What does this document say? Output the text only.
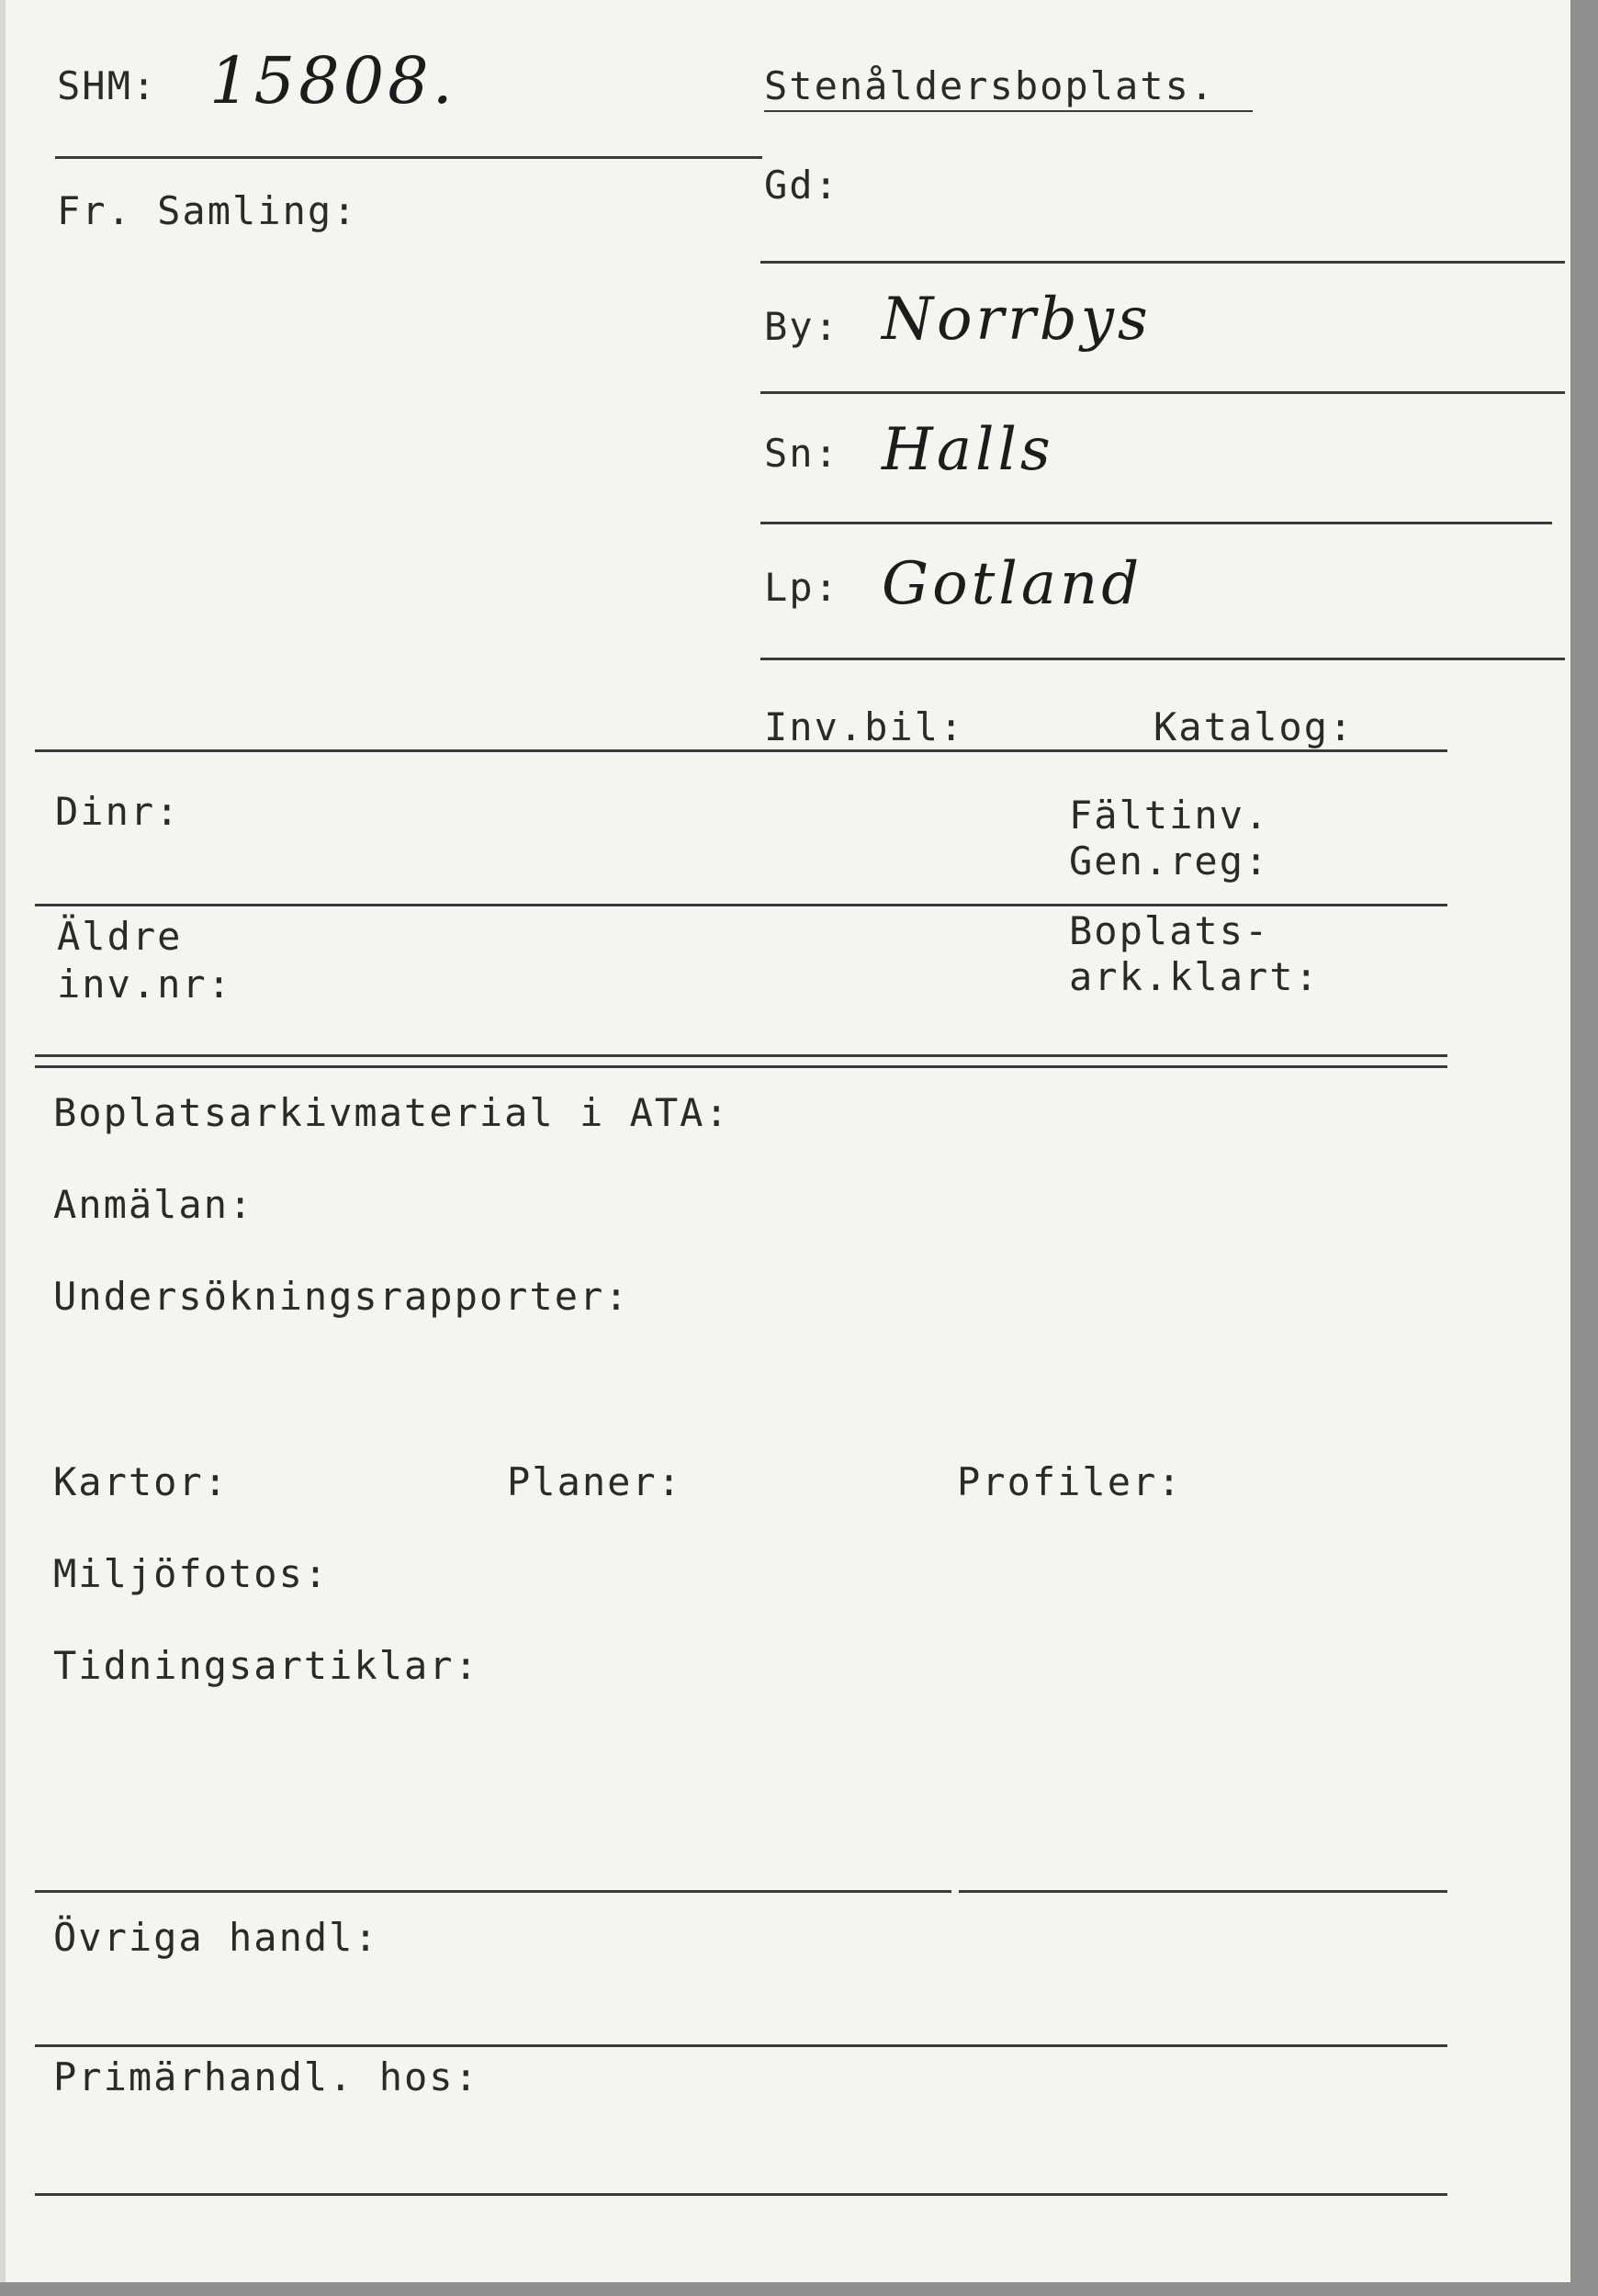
SHM: 15808.	Stenåldersboplats.
Fr. Samling:
Gd:
By: Norrbys
Sn: Halls
Lp: Gotland
Inv.bil:	Katalog:
Dinr:	Fältinv.
Gen.reg:
Äldre
inv.nr:
Boplats-
ark.klart:
Boplatsarkivmaterial i ATA:
Anmälan:
Undersökningsrapporter:
Kartor:	Planer:	Profiler:
Miljöfotos:
Tidningsartiklar:
Övriga handl:
Primärhandl. hos:
